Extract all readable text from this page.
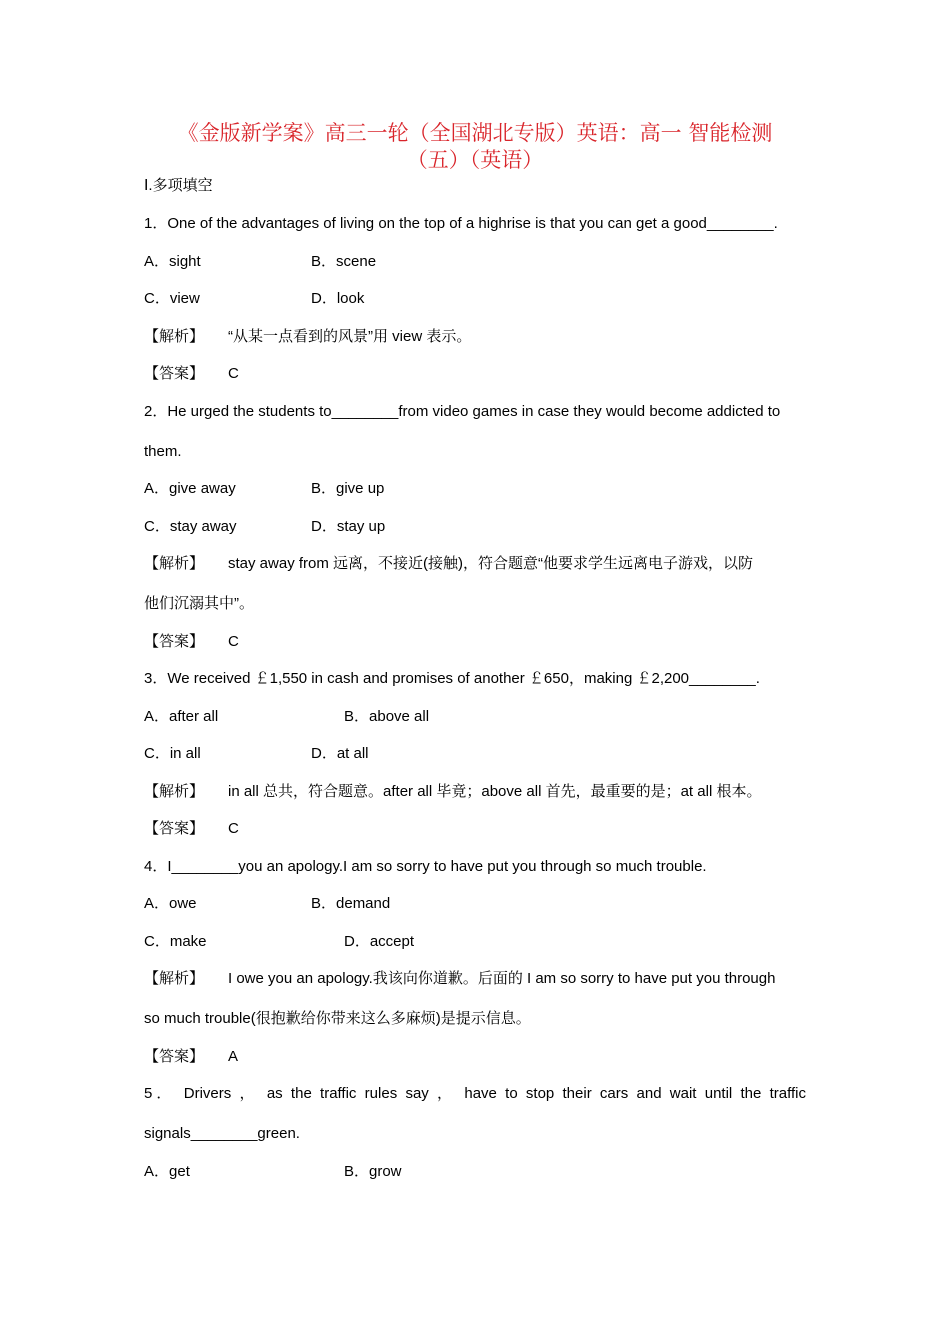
《金版新学案》高三一轮（全国湖北专版）英语：高一 智能检测
（五）（英语）
Ⅰ.多项填空
1．One of the advantages of living on the top of a highrise is that you can get a good________.
A．sight	B．scene
C．view	D．look
【解析】 “从某一点看到的风景”用 view 表示。
【答案】 C
2．He urged the students to________from video games in case they would become addicted to
them.
A．give away	B．give up
C．stay away	D．stay up
【解析】 stay away from 远离，不接近(接触)，符合题意“他要求学生远离电子游戏，以防
他们沉溺其中”。
【答案】 C
3．We received ￡1,550 in cash and promises of another ￡650，making ￡2,200________.
A．after all	B．above all
C．in all	D．at all
【解析】 in all 总共，符合题意。after all 毕竟；above all 首先，最重要的是；at all 根本。
【答案】 C
4．I________you an apology.I am so sorry to have put you through so much trouble.
A．owe	B．demand
C．make	D．accept
【解析】 I owe you an apology.我该向你道歉。后面的 I am so sorry to have put you through
so much trouble(很抱歉给你带来这么多麻烦)是提示信息。
【答案】 A
5． Drivers ， as the traffic rules say ， have to stop their cars and wait until the traffic
signals________green.
A．get	B．grow
